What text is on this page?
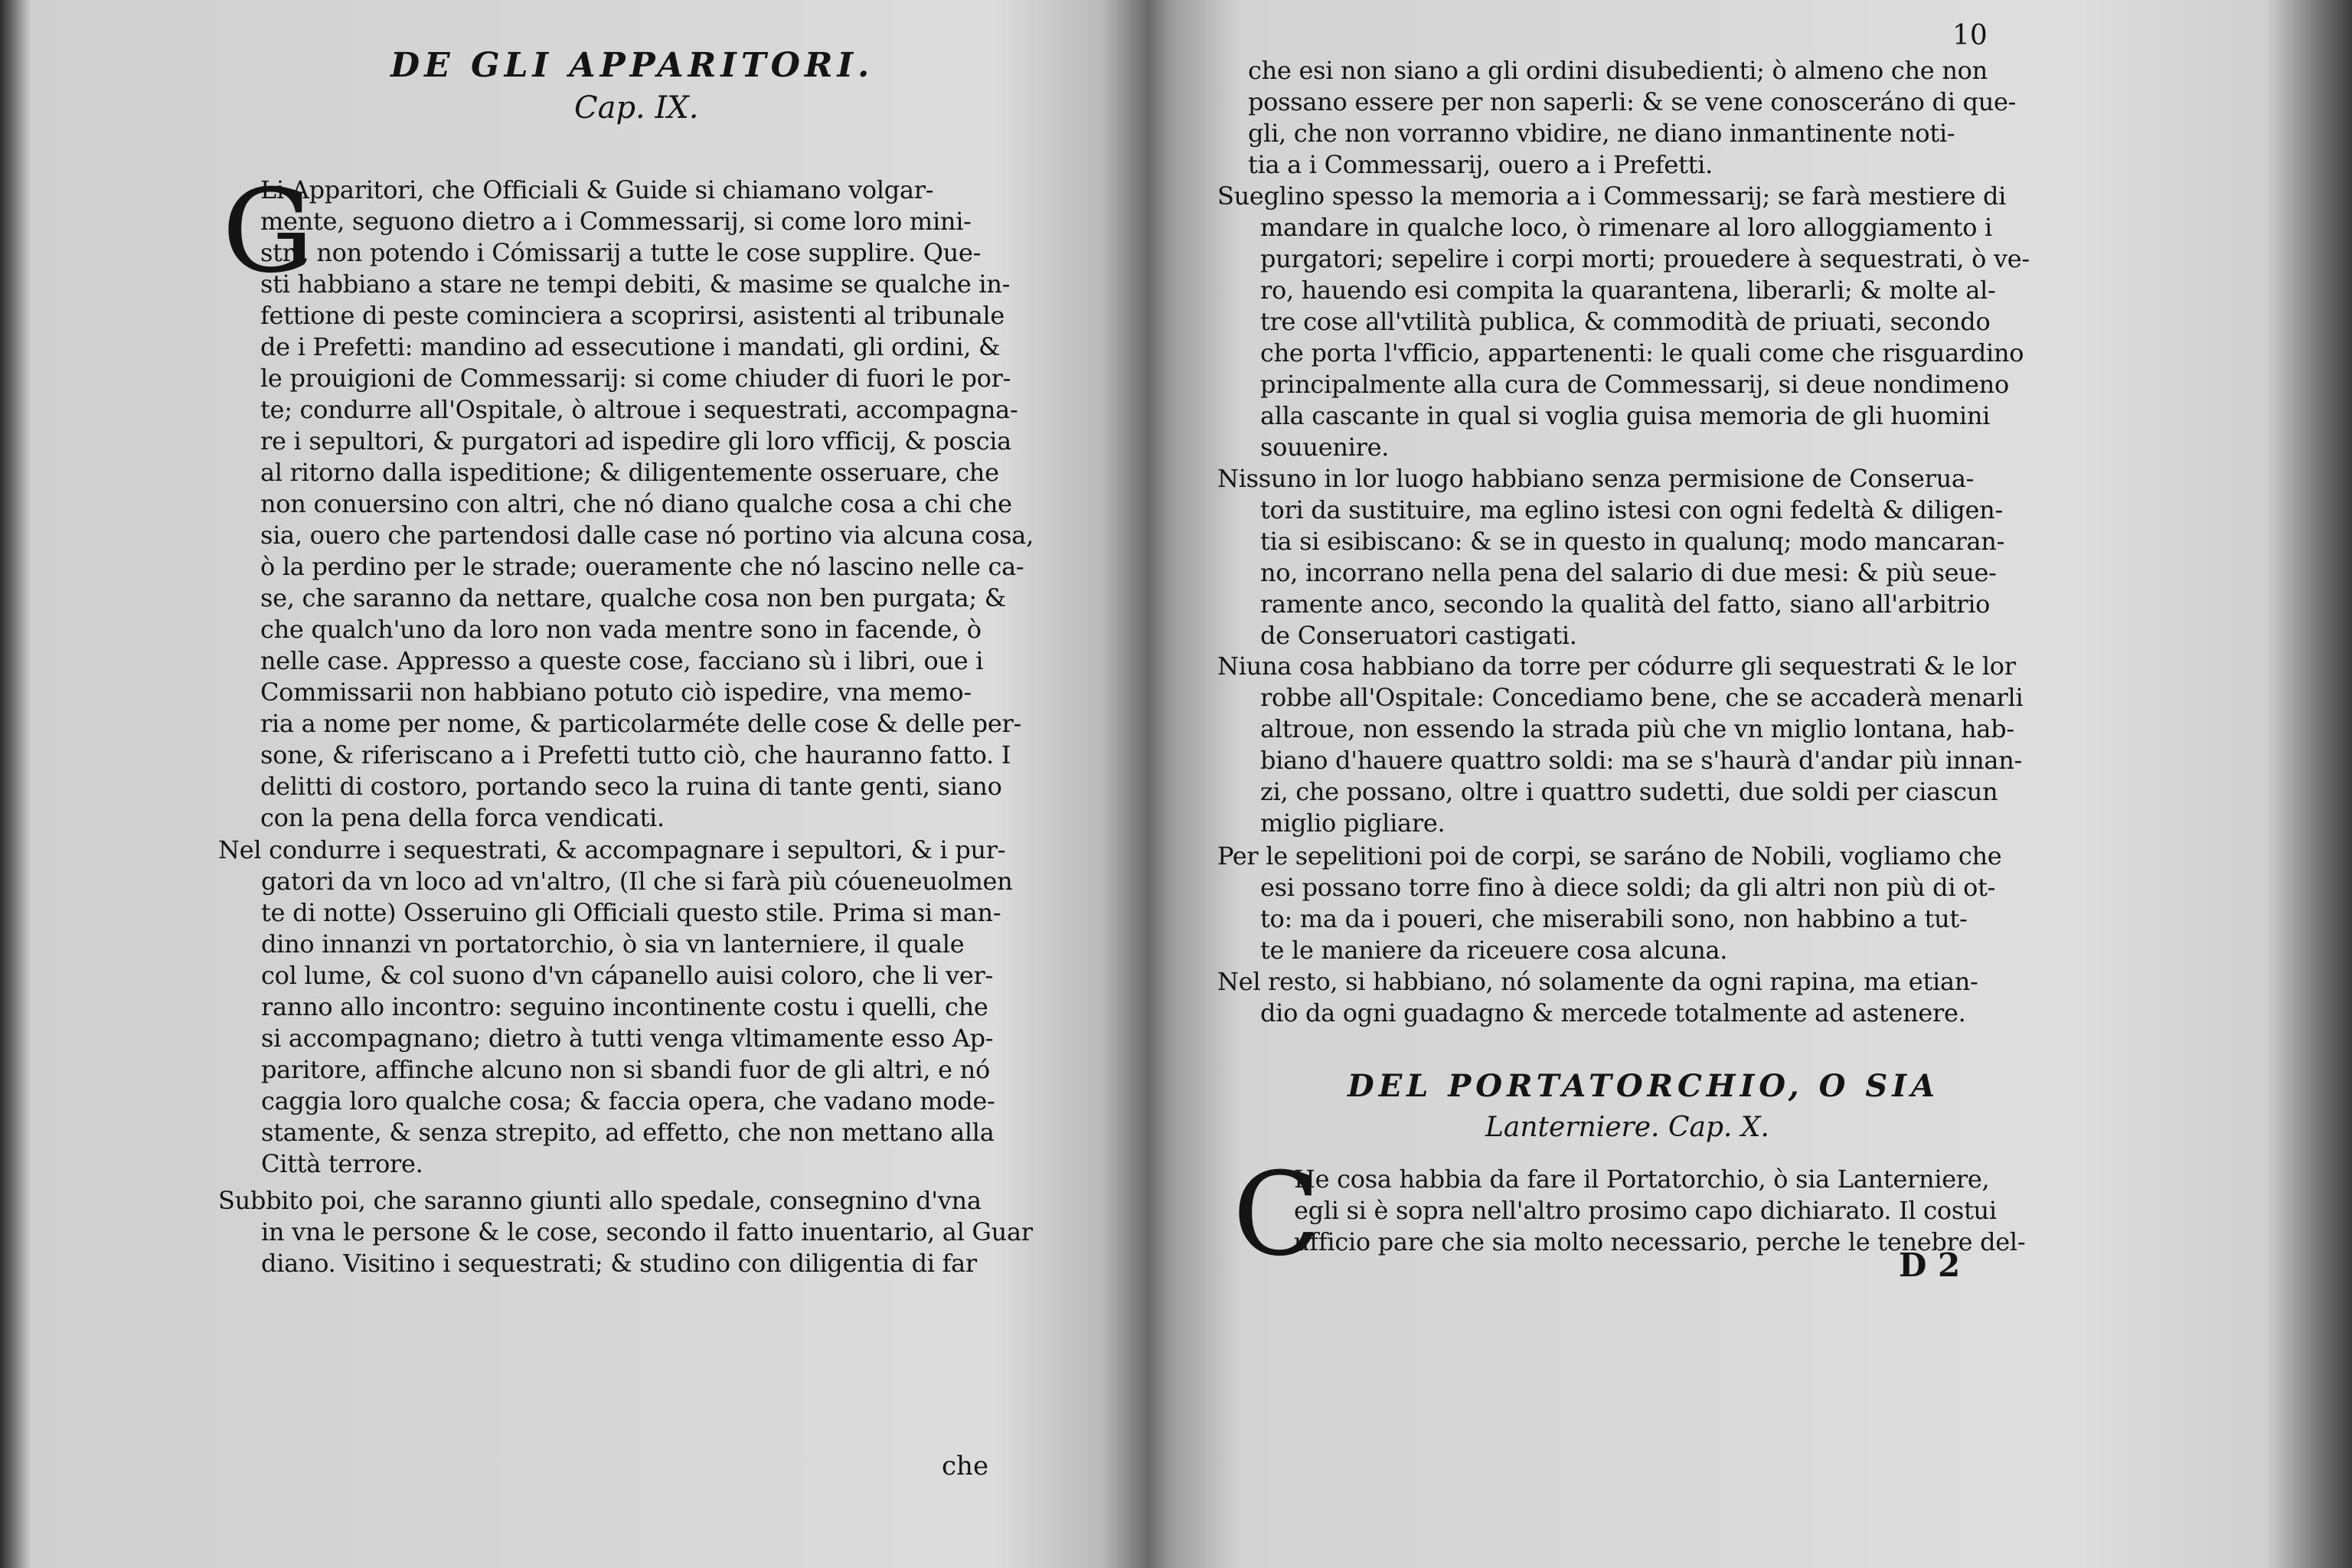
DE GLI APPARITORI.
Cap. IX.
G
Li Apparitori, che Officiali & Guide si chiamano volgar-
mente, seguono dietro a i Commessarij, si come loro mini-
stri, non potendo i Cómissarij a tutte le cose supplire. Que-
sti habbiano a stare ne tempi debiti, & masime se qualche in-
fettione di peste cominciera a scoprirsi, asistenti al tribunale
de i Prefetti: mandino ad essecutione i mandati, gli ordini, &
le prouigioni de Commessarij: si come chiuder di fuori le por-
te; condurre all'Ospitale, ò altroue i sequestrati, accompagna-
re i sepultori, & purgatori ad ispedire gli loro vfficij, & poscia
al ritorno dalla ispeditione; & diligentemente osseruare, che
non conuersino con altri, che nó diano qualche cosa a chi che
sia, ouero che partendosi dalle case nó portino via alcuna cosa,
ò la perdino per le strade; oueramente che nó lascino nelle ca-
se, che saranno da nettare, qualche cosa non ben purgata; &
che qualch'uno da loro non vada mentre sono in facende, ò
nelle case. Appresso a queste cose, facciano sù i libri, oue i
Commissarii non habbiano potuto ciò ispedire, vna memo-
ria a nome per nome, & particolarméte delle cose & delle per-
sone, & riferiscano a i Prefetti tutto ciò, che hauranno fatto. I
delitti di costoro, portando seco la ruina di tante genti, siano
con la pena della forca vendicati.
Nel condurre i sequestrati, & accompagnare i sepultori, & i pur-
gatori da vn loco ad vn'altro, (Il che si farà più cóueneuolmen
te di notte) Osseruino gli Officiali questo stile. Prima si man-
dino innanzi vn portatorchio, ò sia vn lanterniere, il quale
col lume, & col suono d'vn cápanello auisi coloro, che li ver-
ranno allo incontro: seguino incontinente costu i quelli, che
si accompagnano; dietro à tutti venga vltimamente esso Ap-
paritore, affinche alcuno non si sbandi fuor de gli altri, e nó
caggia loro qualche cosa; & faccia opera, che vadano mode-
stamente, & senza strepito, ad effetto, che non mettano alla
Città terrore.
Subbito poi, che saranno giunti allo spedale, consegnino d'vna
in vna le persone & le cose, secondo il fatto inuentario, al Guar
diano. Visitino i sequestrati; & studino con diligentia di far
che
10
che esi non siano a gli ordini disubedienti; ò almeno che non
possano essere per non saperli: & se vene conosceráno di que-
gli, che non vorranno vbidire, ne diano inmantinente noti-
tia a i Commessarij, ouero a i Prefetti.
Sueglino spesso la memoria a i Commessarij; se farà mestiere di
mandare in qualche loco, ò rimenare al loro alloggiamento i
purgatori; sepelire i corpi morti; prouedere à sequestrati, ò ve-
ro, hauendo esi compita la quarantena, liberarli; & molte al-
tre cose all'vtilità publica, & commodità de priuati, secondo
che porta l'vfficio, appartenenti: le quali come che risguardino
principalmente alla cura de Commessarij, si deue nondimeno
alla cascante in qual si voglia guisa memoria de gli huomini
souuenire.
Nissuno in lor luogo habbiano senza permisione de Conserua-
tori da sustituire, ma eglino istesi con ogni fedeltà & diligen-
tia si esibiscano: & se in questo in qualunq; modo mancaran-
no, incorrano nella pena del salario di due mesi: & più seue-
ramente anco, secondo la qualità del fatto, siano all'arbitrio
de Conseruatori castigati.
Niuna cosa habbiano da torre per códurre gli sequestrati & le lor
robbe all'Ospitale: Concediamo bene, che se accaderà menarli
altroue, non essendo la strada più che vn miglio lontana, hab-
biano d'hauere quattro soldi: ma se s'haurà d'andar più innan-
zi, che possano, oltre i quattro sudetti, due soldi per ciascun
miglio pigliare.
Per le sepelitioni poi de corpi, se saráno de Nobili, vogliamo che
esi possano torre fino à diece soldi; da gli altri non più di ot-
to: ma da i poueri, che miserabili sono, non habbino a tut-
te le maniere da riceuere cosa alcuna.
Nel resto, si habbiano, nó solamente da ogni rapina, ma etian-
dio da ogni guadagno & mercede totalmente ad astenere.
DEL PORTATORCHIO, O SIA
Lanterniere. Cap. X.
C
He cosa habbia da fare il Portatorchio, ò sia Lanterniere,
egli si è sopra nell'altro prosimo capo dichiarato. Il costui
ufficio pare che sia molto necessario, perche le tenebre del-
D 2
